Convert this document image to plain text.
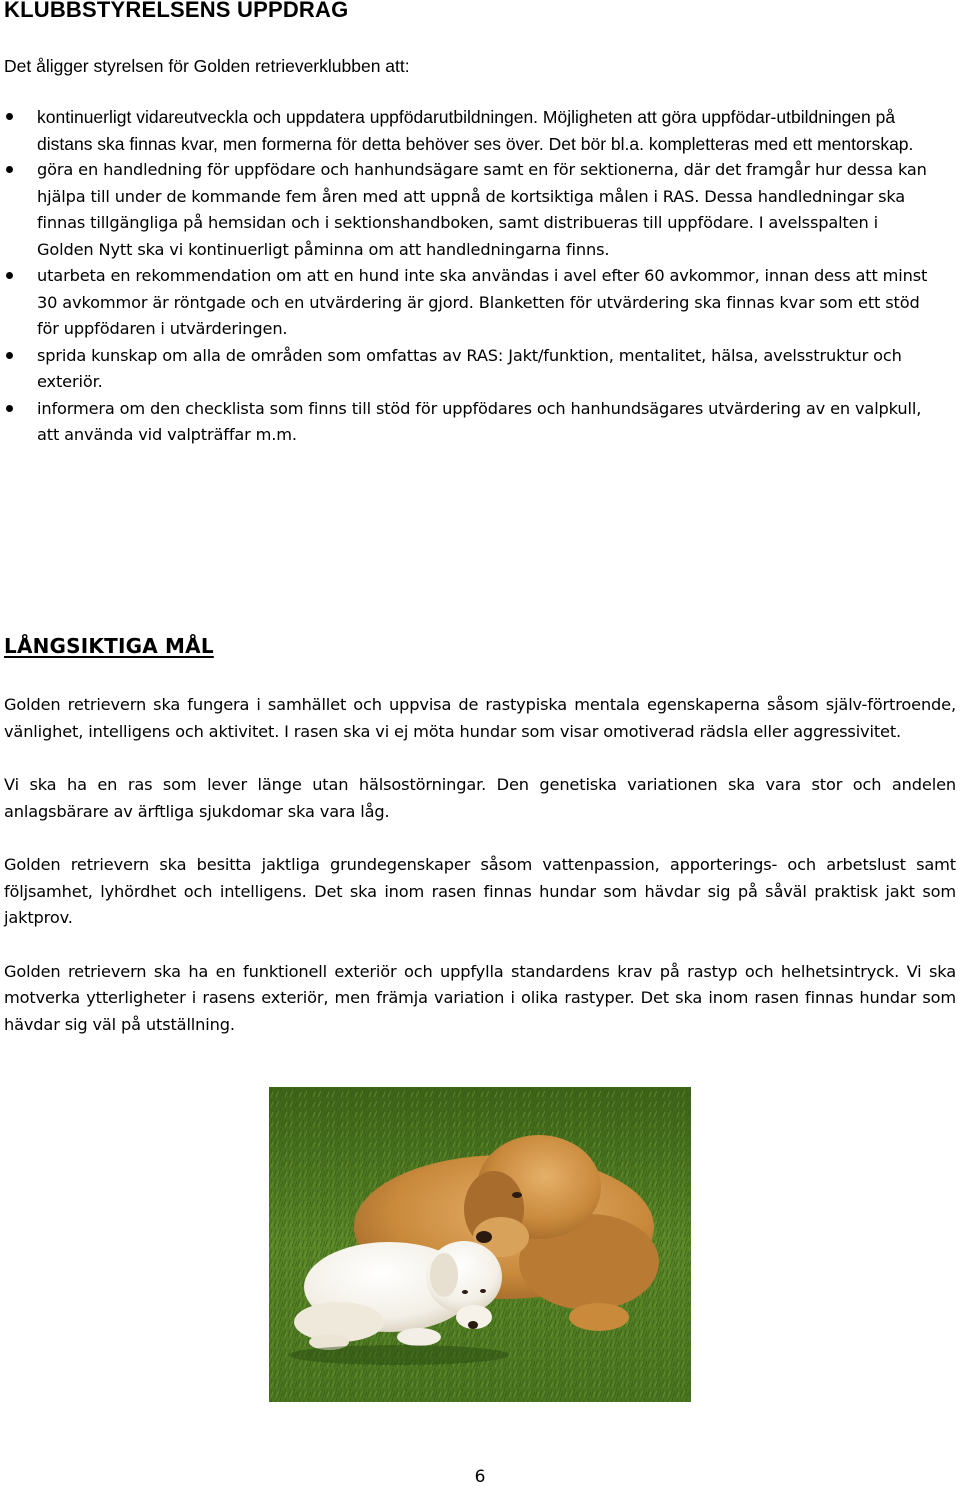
KLUBBSTYRELSENS UPPDRAG

Det åligger styrelsen för Golden retrieverklubben att:

kontinuerligt vidareutveckla och uppdatera uppfödarutbildningen. Möjligheten att göra uppfödar-utbildningen på distans ska finnas kvar, men formerna för detta behöver ses över. Det bör bl.a. kompletteras med ett mentorskap.
göra en handledning för uppfödare och hanhundsägare samt en för sektionerna, där det framgår hur dessa kan hjälpa till under de kommande fem åren med att uppnå de kortsiktiga målen i RAS. Dessa handledningar ska finnas tillgängliga på hemsidan och i sektionshandboken, samt distribueras till uppfödare. I avelsspalten i Golden Nytt ska vi kontinuerligt påminna om att handledningarna finns.
utarbeta en rekommendation om att en hund inte ska användas i avel efter 60 avkommor, innan dess att minst 30 avkommor är röntgade och en utvärdering är gjord. Blanketten för utvärdering ska finnas kvar som ett stöd för uppfödaren i utvärderingen.
sprida kunskap om alla de områden som omfattas av RAS: Jakt/funktion, mentalitet, hälsa, avelsstruktur och exteriör.
informera om den checklista som finns till stöd för uppfödares och hanhundsägares utvärdering av en valpkull, att använda vid valpträffar m.m.
LÅNGSIKTIGA MÅL

Golden retrievern ska fungera i samhället och uppvisa de rastypiska mentala egenskaperna såsom själv-förtroende, vänlighet, intelligens och aktivitet. I rasen ska vi ej möta hundar som visar omotiverad rädsla eller aggressivitet.

Vi ska ha en ras som lever länge utan hälsostörningar. Den genetiska variationen ska vara stor och andelen anlagsbärare av ärftliga sjukdomar ska vara låg.

Golden retrievern ska besitta jaktliga grundegenskaper såsom vattenpassion, apporterings- och arbetslust samt följsamhet, lyhördhet och intelligens. Det ska inom rasen finnas hundar som hävdar sig på såväl praktisk jakt som jaktprov.

Golden retrievern ska ha en funktionell exteriör och uppfylla standardens krav på rastyp och helhetsintryck. Vi ska motverka ytterligheter i rasens exteriör, men främja variation i olika rastyper. Det ska inom rasen finnas hundar som hävdar sig väl på utställning.

6
